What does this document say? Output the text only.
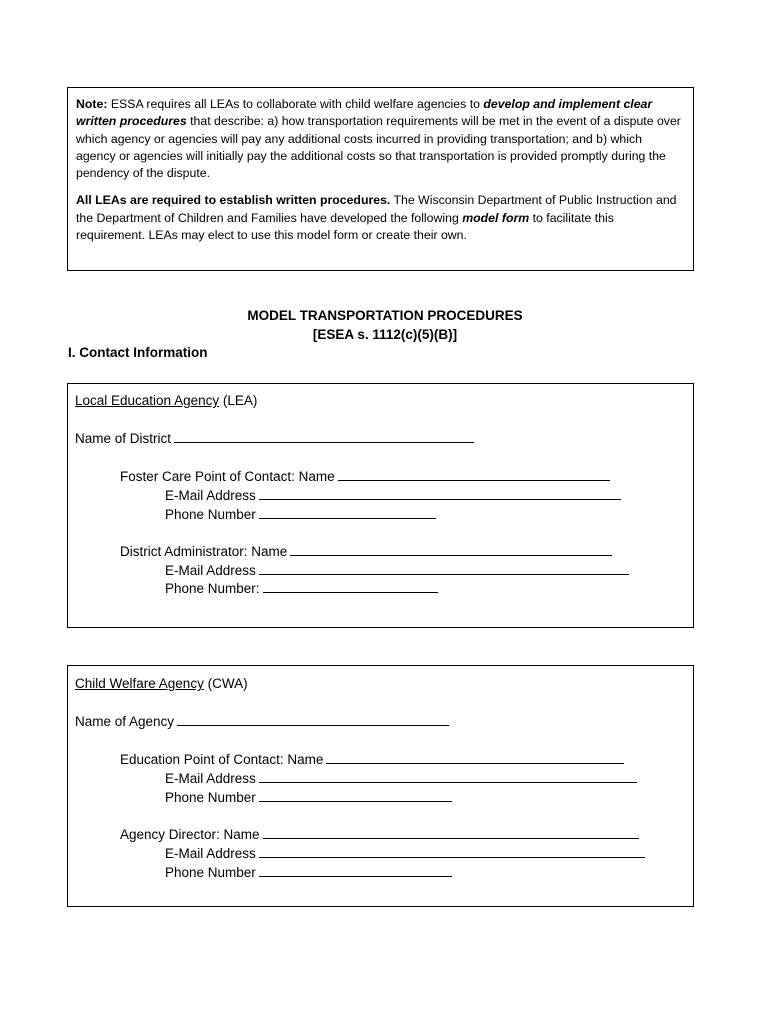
Note: ESSA requires all LEAs to collaborate with child welfare agencies to develop and implement clear written procedures that describe: a) how transportation requirements will be met in the event of a dispute over which agency or agencies will pay any additional costs incurred in providing transportation; and b) which agency or agencies will initially pay the additional costs so that transportation is provided promptly during the pendency of the dispute.

All LEAs are required to establish written procedures. The Wisconsin Department of Public Instruction and the Department of Children and Families have developed the following model form to facilitate this requirement. LEAs may elect to use this model form or create their own.

MODEL TRANSPORTATION PROCEDURES
[ESEA s. 1112(c)(5)(B)]
I. Contact Information
Local Education Agency (LEA)
Name of District
Foster Care Point of Contact: Name
E-Mail Address
Phone Number
District Administrator: Name
E-Mail Address
Phone Number:
Child Welfare Agency (CWA)
Name of Agency
Education Point of Contact: Name
E-Mail Address
Phone Number
Agency Director: Name
E-Mail Address
Phone Number
